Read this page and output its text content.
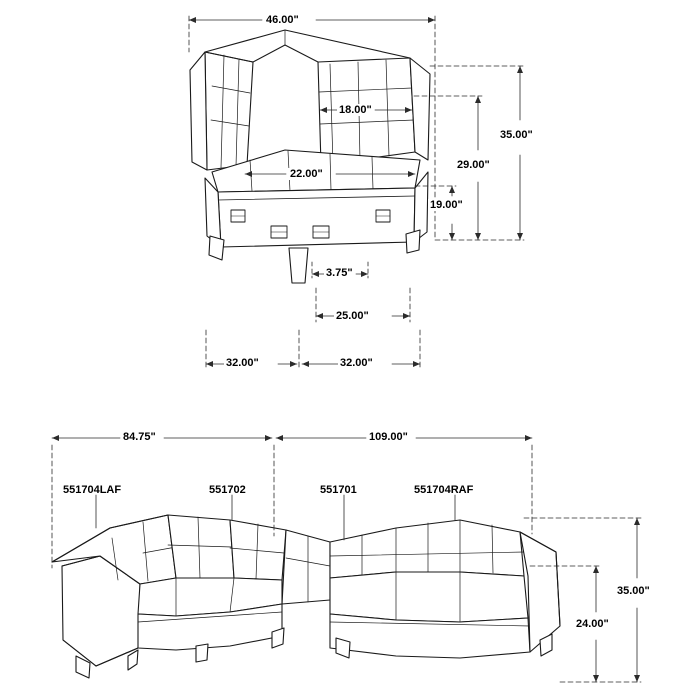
46.00"
18.00"
22.00"
35.00"
29.00"
19.00"
3.75"
25.00"
32.00"	32.00"
84.75"	109.00"
35.00"
24.00"
551704LAF	551702	551701	551704RAF
